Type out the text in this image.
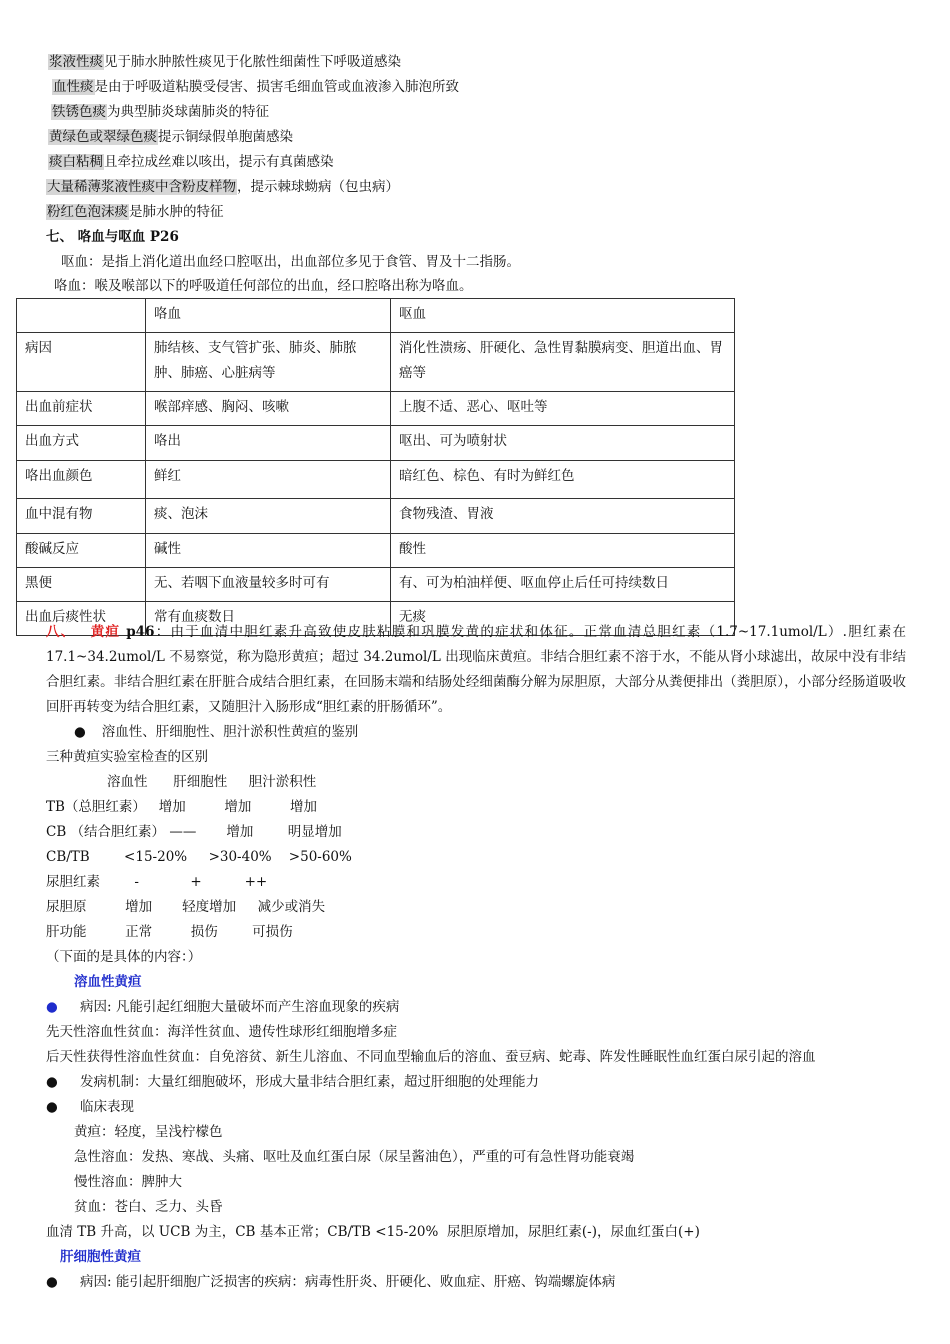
浆液性痰见于肺水肿脓性痰见于化脓性细菌性下呼吸道感染
血性痰是由于呼吸道粘膜受侵害、损害毛细血管或血液渗入肺泡所致
铁锈色痰为典型肺炎球菌肺炎的特征
黄绿色或翠绿色痰提示铜绿假单胞菌感染
痰白粘稠且牵拉成丝难以咳出，提示有真菌感染
大量稀薄浆液性痰中含粉皮样物，提示棘球蚴病（包虫病）
粉红色泡沫痰是肺水肿的特征
七、 咯血与呕血 P26
呕血：是指上消化道出血经口腔呕出，出血部位多见于食管、胃及十二指肠。
咯血：喉及喉部以下的呼吸道任何部位的出血，经口腔咯出称为咯血。
	咯血	呕血
病因	肺结核、支气管扩张、肺炎、肺脓肿、肺癌、心脏病等	消化性溃疡、肝硬化、急性胃黏膜病变、胆道出血、胃癌等
出血前症状	喉部痒感、胸闷、咳嗽	上腹不适、恶心、呕吐等
出血方式	咯出	呕出、可为喷射状
咯出血颜色	鲜红	暗红色、棕色、有时为鲜红色
血中混有物	痰、泡沫	食物残渣、胃液
酸碱反应	碱性	酸性
黑便	无、若咽下血液量较多时可有	有、可为柏油样便、呕血停止后任可持续数日
出血后痰性状	常有血痰数日	无痰
八、 黄疸 p46：由于血清中胆红素升高致使皮肤粘膜和巩膜发黄的症状和体征。正常血清总胆红素（1.7~17.1umol/L）.胆红素在17.1~34.2umol/L 不易察觉，称为隐形黄疸；超过 34.2umol/L 出现临床黄疸。非结合胆红素不溶于水，不能从肾小球滤出，故尿中没有非结合胆红素。非结合胆红素在肝脏合成结合胆红素，在回肠末端和结肠处经细菌酶分解为尿胆原，大部分从粪便排出（粪胆原），小部分经肠道吸收回肝再转变为结合胆红素，又随胆汁入肠形成“胆红素的肝肠循环”。
● 溶血性、肝细胞性、胆汁淤积性黄疸的鉴别
三种黄疸实验室检查的区别
溶血性      肝细胞性     胆汁淤积性
TB（总胆红素）   增加         增加         增加
CB （结合胆红素） ——       增加        明显增加
CB/TB        <15-20%     >30-40%    >50-60%
尿胆红素        -            +          ++
尿胆原         增加       轻度增加     减少或消失
肝功能         正常         损伤        可损伤
（下面的是具体的内容：）
溶血性黄疸
● 病因: 凡能引起红细胞大量破坏而产生溶血现象的疾病
先天性溶血性贫血：海洋性贫血、遗传性球形红细胞增多症
后天性获得性溶血性贫血：自免溶贫、新生儿溶血、不同血型输血后的溶血、蚕豆病、蛇毒、阵发性睡眠性血红蛋白尿引起的溶血
● 发病机制：大量红细胞破坏，形成大量非结合胆红素，超过肝细胞的处理能力
● 临床表现
黄疸：轻度，呈浅柠檬色
急性溶血：发热、寒战、头痛、呕吐及血红蛋白尿（尿呈酱油色），严重的可有急性肾功能衰竭
慢性溶血：脾肿大
贫血：苍白、乏力、头昏
血清 TB 升高，以 UCB 为主，CB 基本正常；CB/TB <15-20%  尿胆原增加，尿胆红素(-)，尿血红蛋白(+)
肝细胞性黄疸
● 病因: 能引起肝细胞广泛损害的疾病：病毒性肝炎、肝硬化、败血症、肝癌、钩端螺旋体病
